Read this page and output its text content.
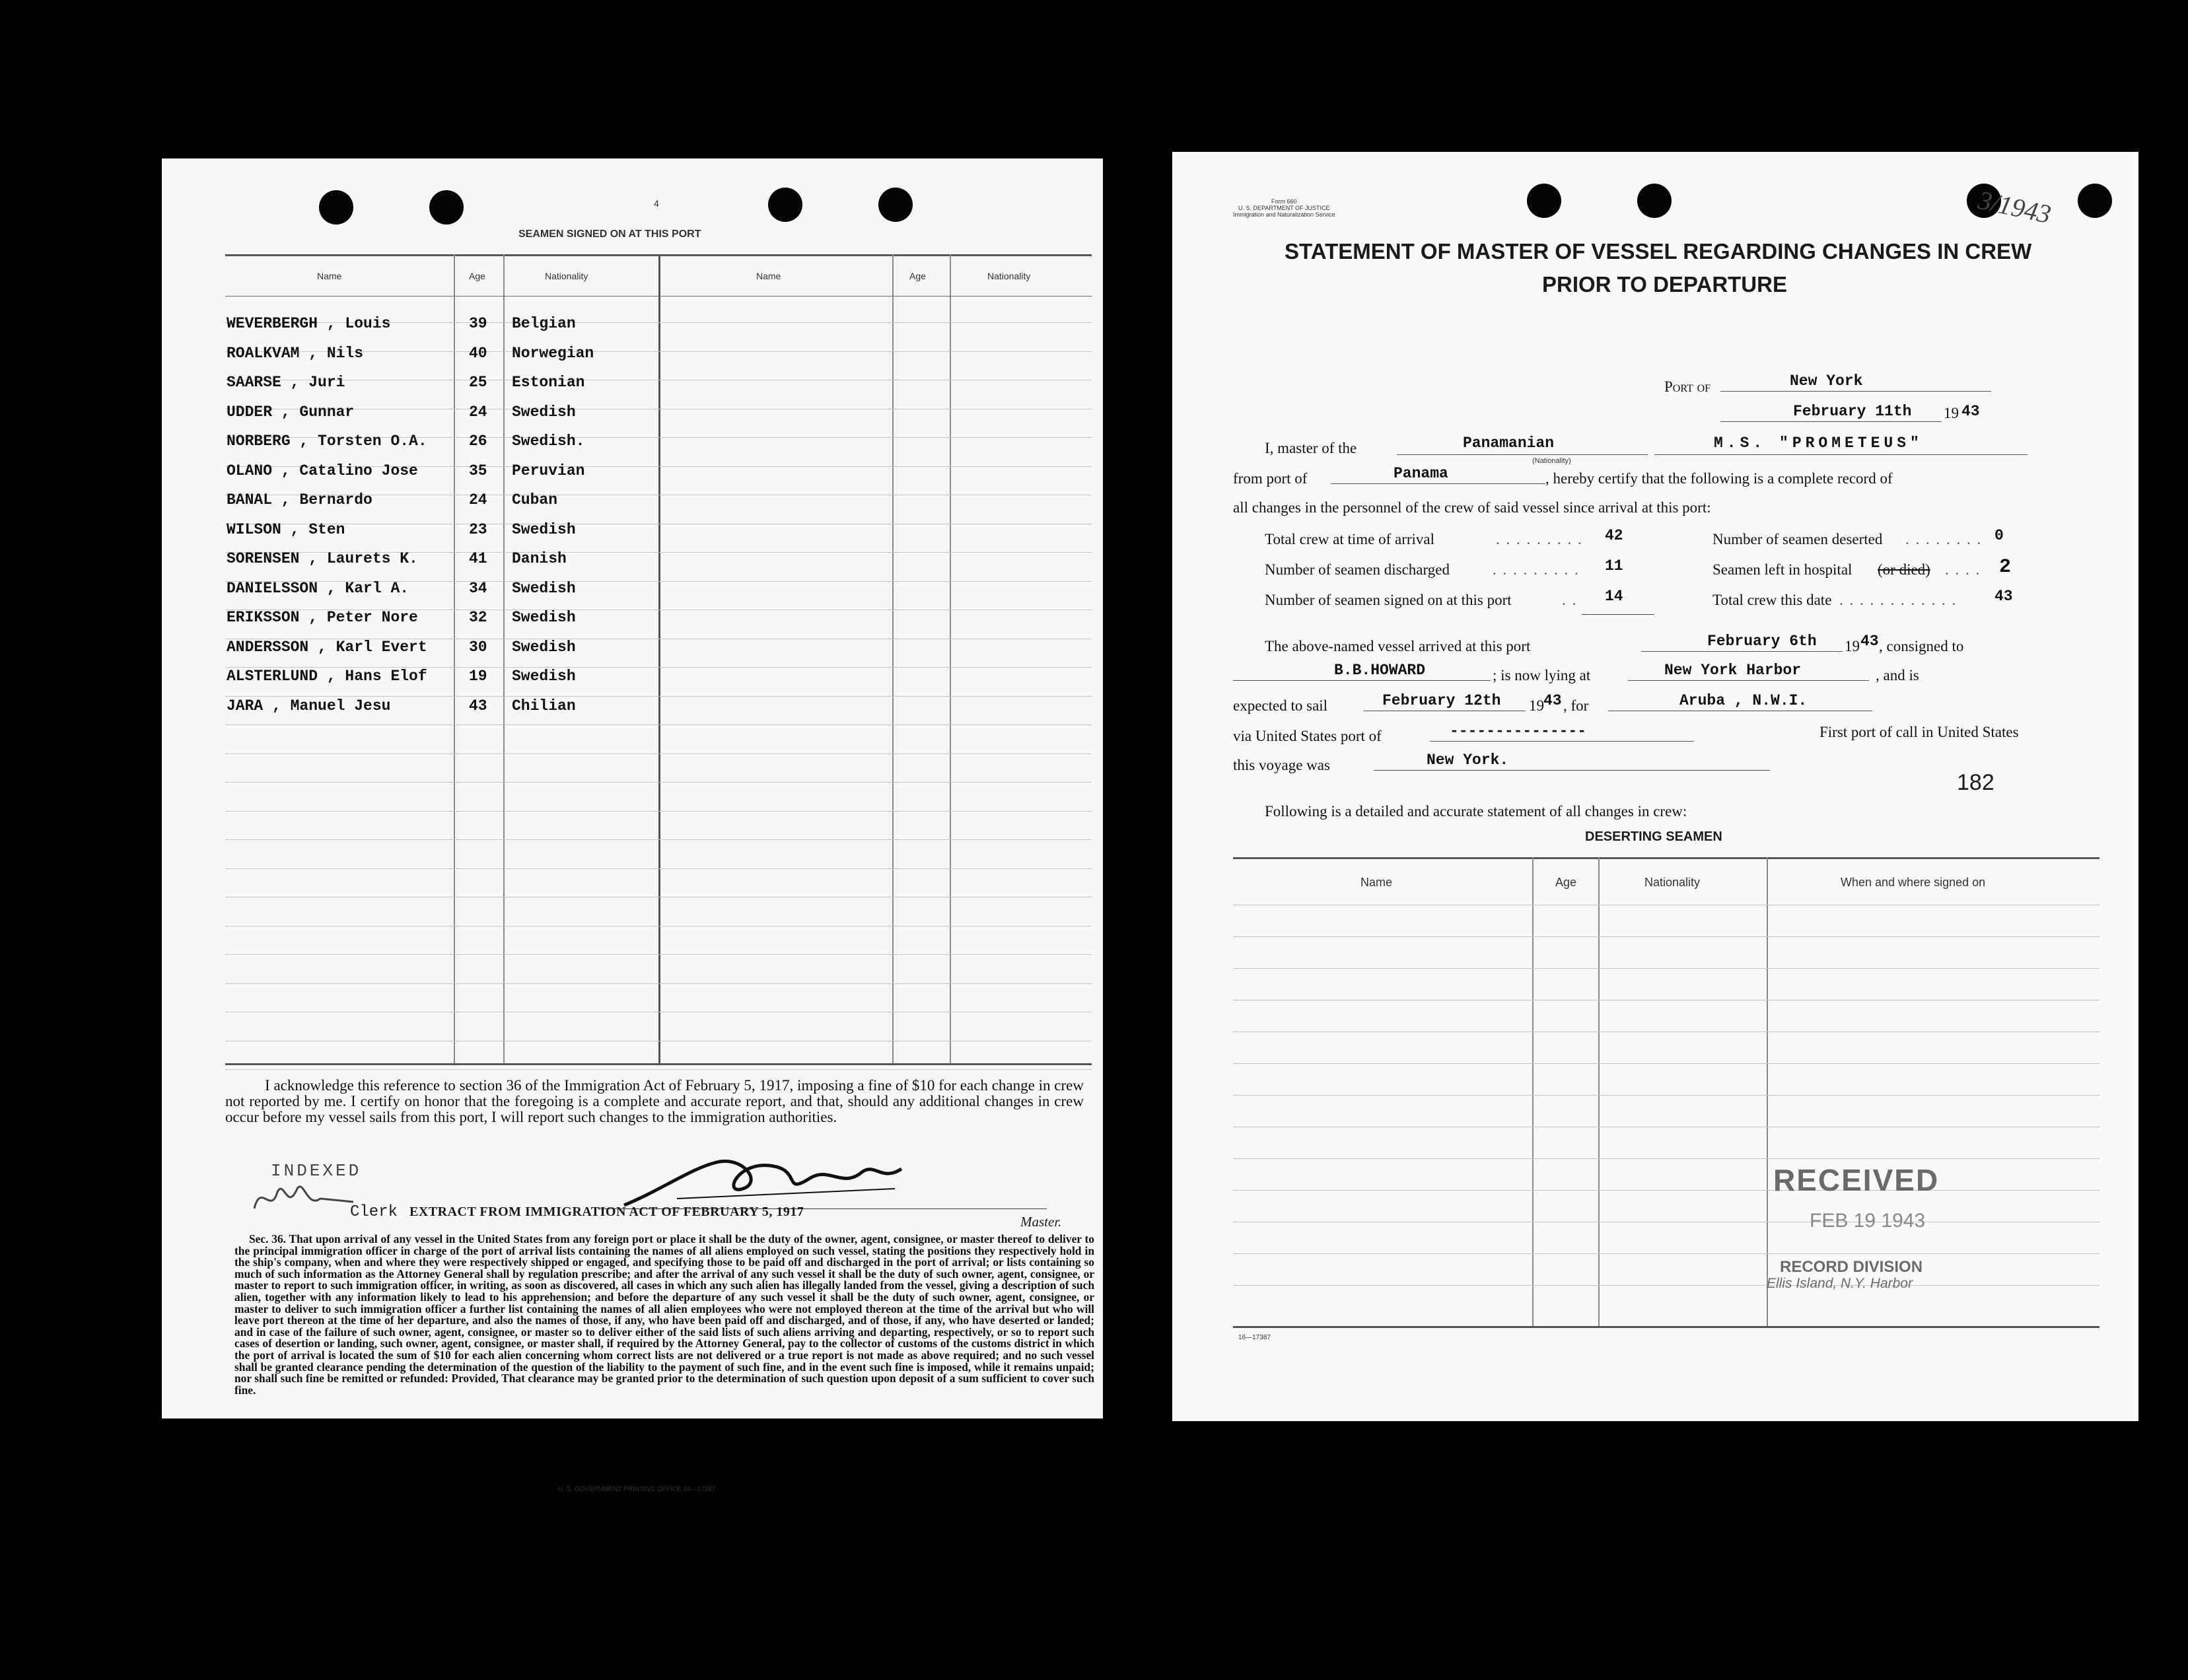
4
SEAMEN SIGNED ON AT THIS PORT
Name	Age	Nationality	Name	Age	Nationality
WEVERBERGH , Louis	39 Belgian
ROALKVAM , Nils	40 Norwegian
SAARSE , Juri	25 Estonian
UDDER , Gunnar	24 Swedish
NORBERG , Torsten O.A.	26 Swedish.
OLANO , Catalino Jose	35 Peruvian
BANAL , Bernardo	24 Cuban
WILSON , Sten	23 Swedish
SORENSEN , Laurets K.	41 Danish
DANIELSSON , Karl A.	34 Swedish
ERIKSSON , Peter Nore	32 Swedish
ANDERSSON , Karl Evert	30 Swedish
ALSTERLUND , Hans Elof	19 Swedish
JARA , Manuel Jesu	43 Chilian
I acknowledge this reference to section 36 of the Immigration Act of February 5, 1917, imposing a fine of $10 for each change in crew not reported by me. I certify on honor that the foregoing is a complete and accurate report, and that, should any additional changes in crew occur before my vessel sails from this port, I will report such changes to the immigration authorities.
INDEXED
Clerk
Master.
EXTRACT FROM IMMIGRATION ACT OF FEBRUARY 5, 1917
Sec. 36. That upon arrival of any vessel in the United States from any foreign port or place it shall be the duty of the owner, agent, consignee, or master thereof to deliver to the principal immigration officer in charge of the port of arrival lists containing the names of all aliens employed on such vessel, stating the positions they respectively hold in the ship's company, when and where they were respectively shipped or engaged, and specifying those to be paid off and discharged in the port of arrival; or lists containing so much of such information as the Attorney General shall by regulation prescribe; and after the arrival of any such vessel it shall be the duty of such owner, agent, consignee, or master to report to such immigration officer, in writing, as soon as discovered, all cases in which any such alien has illegally landed from the vessel, giving a description of such alien, together with any information likely to lead to his apprehension; and before the departure of any such vessel it shall be the duty of such owner, agent, consignee, or master to deliver to such immigration officer a further list containing the names of all alien employees who were not employed thereon at the time of the arrival but who will leave port thereon at the time of her departure, and also the names of those, if any, who have been paid off and discharged, and of those, if any, who have deserted or landed; and in case of the failure of such owner, agent, consignee, or master so to deliver either of the said lists of such aliens arriving and departing, respectively, or so to report such cases of desertion or landing, such owner, agent, consignee, or master shall, if required by the Attorney General, pay to the collector of customs of the customs district in which the port of arrival is located the sum of $10 for each alien concerning whom correct lists are not delivered or a true report is not made as above required; and no such vessel shall be granted clearance pending the determination of the question of the liability to the payment of such fine, and in the event such fine is imposed, while it remains unpaid; nor shall such fine be remitted or refunded: Provided, That clearance may be granted prior to the determination of such question upon deposit of a sum sufficient to cover such fine.
U. S. GOVERNMENT PRINTING OFFICE 16—17387
Form 660
U. S. DEPARTMENT OF JUSTICE
Immigration and Naturalization Service	3/1943
STATEMENT OF MASTER OF VESSEL REGARDING CHANGES IN CREW
PRIOR TO DEPARTURE
Port of	New York
February 11th 19 43
I, master of the	Panamanian
(Nationality)
M.S. "PROMETEUS"
from port of	Panama	, hereby certify that the following is a complete record of
all changes in the personnel of the crew of said vessel since arrival at this port:
Total crew at time of arrival	. . . . . . . . . 42
Number of seamen discharged	. . . . . . . . . 11
Number of seamen signed on at this port	. . 14
Number of seamen deserted . . . . . . . . 0
Seamen left in hospital (or died) . . . . 2
Total crew this date . . . . . . . . . . . . 43
The above-named vessel arrived at this port	February 6th 19 43 , consigned to
B.B.HOWARD	; is now lying at	New York Harbor	, and is
expected to sail	February 12th 19 43 , for	Aruba , N.W.I.
via United States port of	---------------	First port of call in United States
this voyage was	New York.
182
Following is a detailed and accurate statement of all changes in crew:
DESERTING SEAMEN
Name	Age	Nationality	When and where signed on
RECEIVED
FEB 19 1943
RECORD DIVISION
Ellis Island, N.Y. Harbor
16—17387
